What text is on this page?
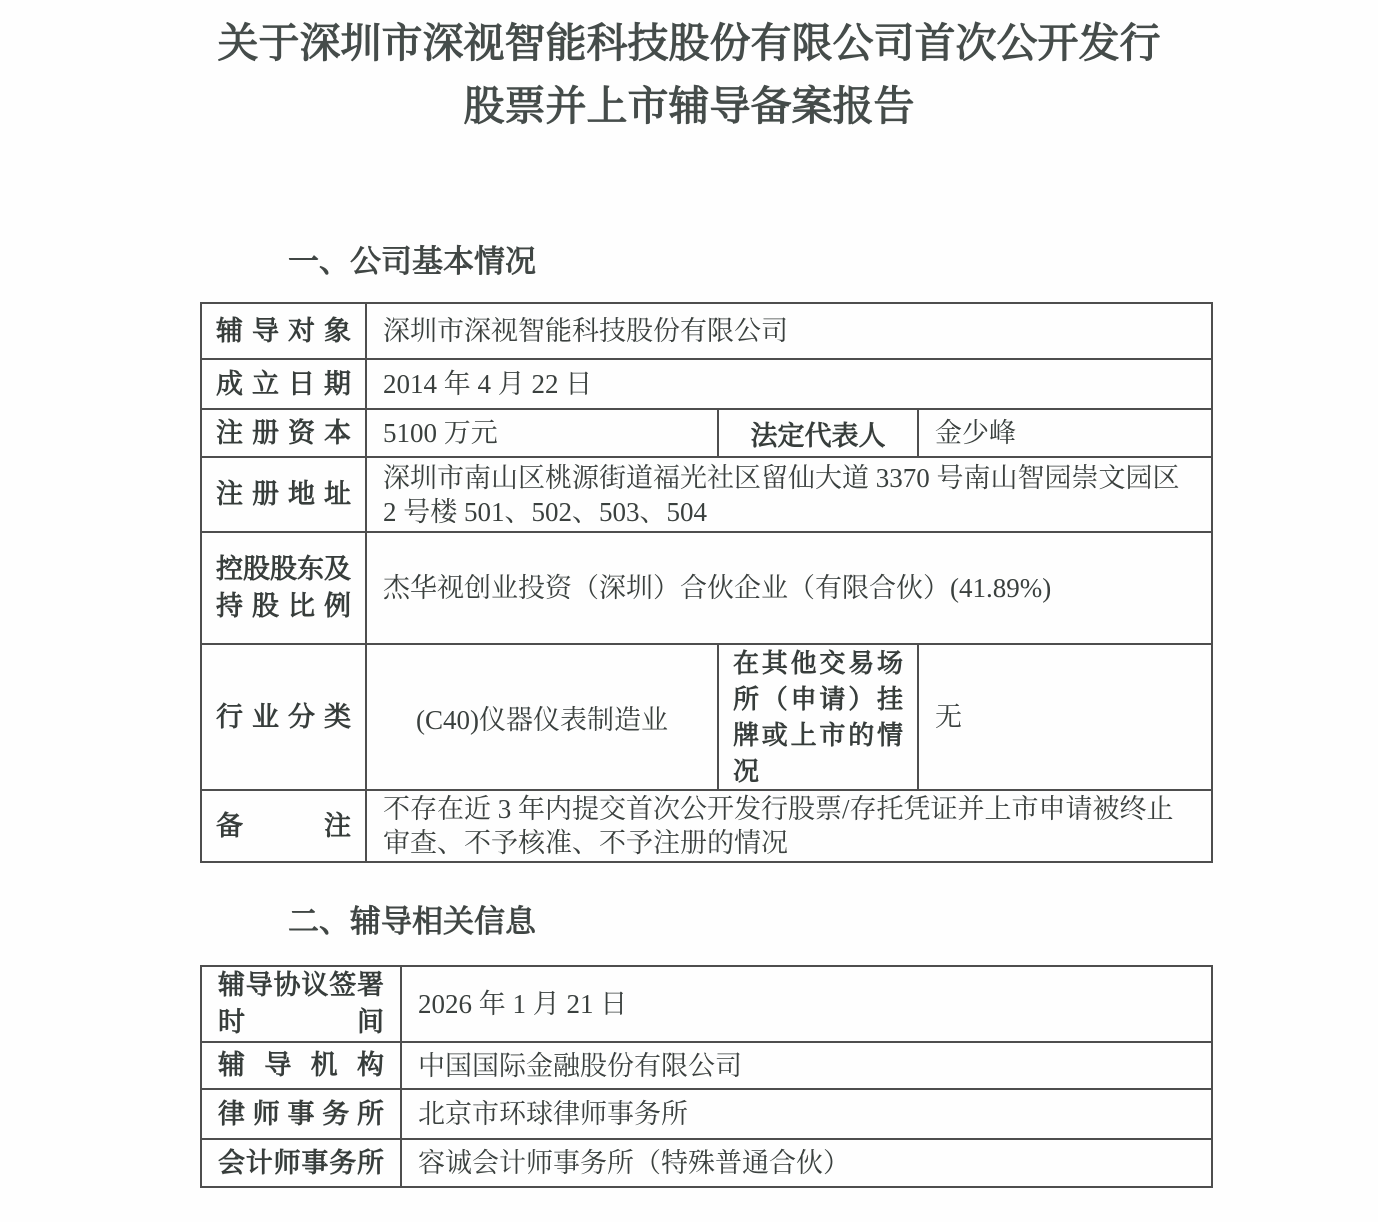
关于深圳市深视智能科技股份有限公司首次公开发行
股票并上市辅导备案报告
一、公司基本情况
辅导对象	深圳市深视智能科技股份有限公司		
成立日期	2014 年 4 月 22 日		
注册资本	5100 万元	法定代表人	金少峰
注册地址	深圳市南山区桃源街道福光社区留仙大道 3370 号南山智园崇文园区 2 号楼 501、502、503、504		
控股股东及持股比例	杰华视创业投资（深圳）合伙企业（有限合伙）(41.89%)		
行业分类	(C40)仪器仪表制造业	在其他交易场所（申请）挂牌或上市的情况	无
备注	不存在近 3 年内提交首次公开发行股票/存托凭证并上市申请被终止审查、不予核准、不予注册的情况		
二、辅导相关信息
辅导协议签署时间	2026 年 1 月 21 日
辅导机构	中国国际金融股份有限公司
律师事务所	北京市环球律师事务所
会计师事务所	容诚会计师事务所（特殊普通合伙）
